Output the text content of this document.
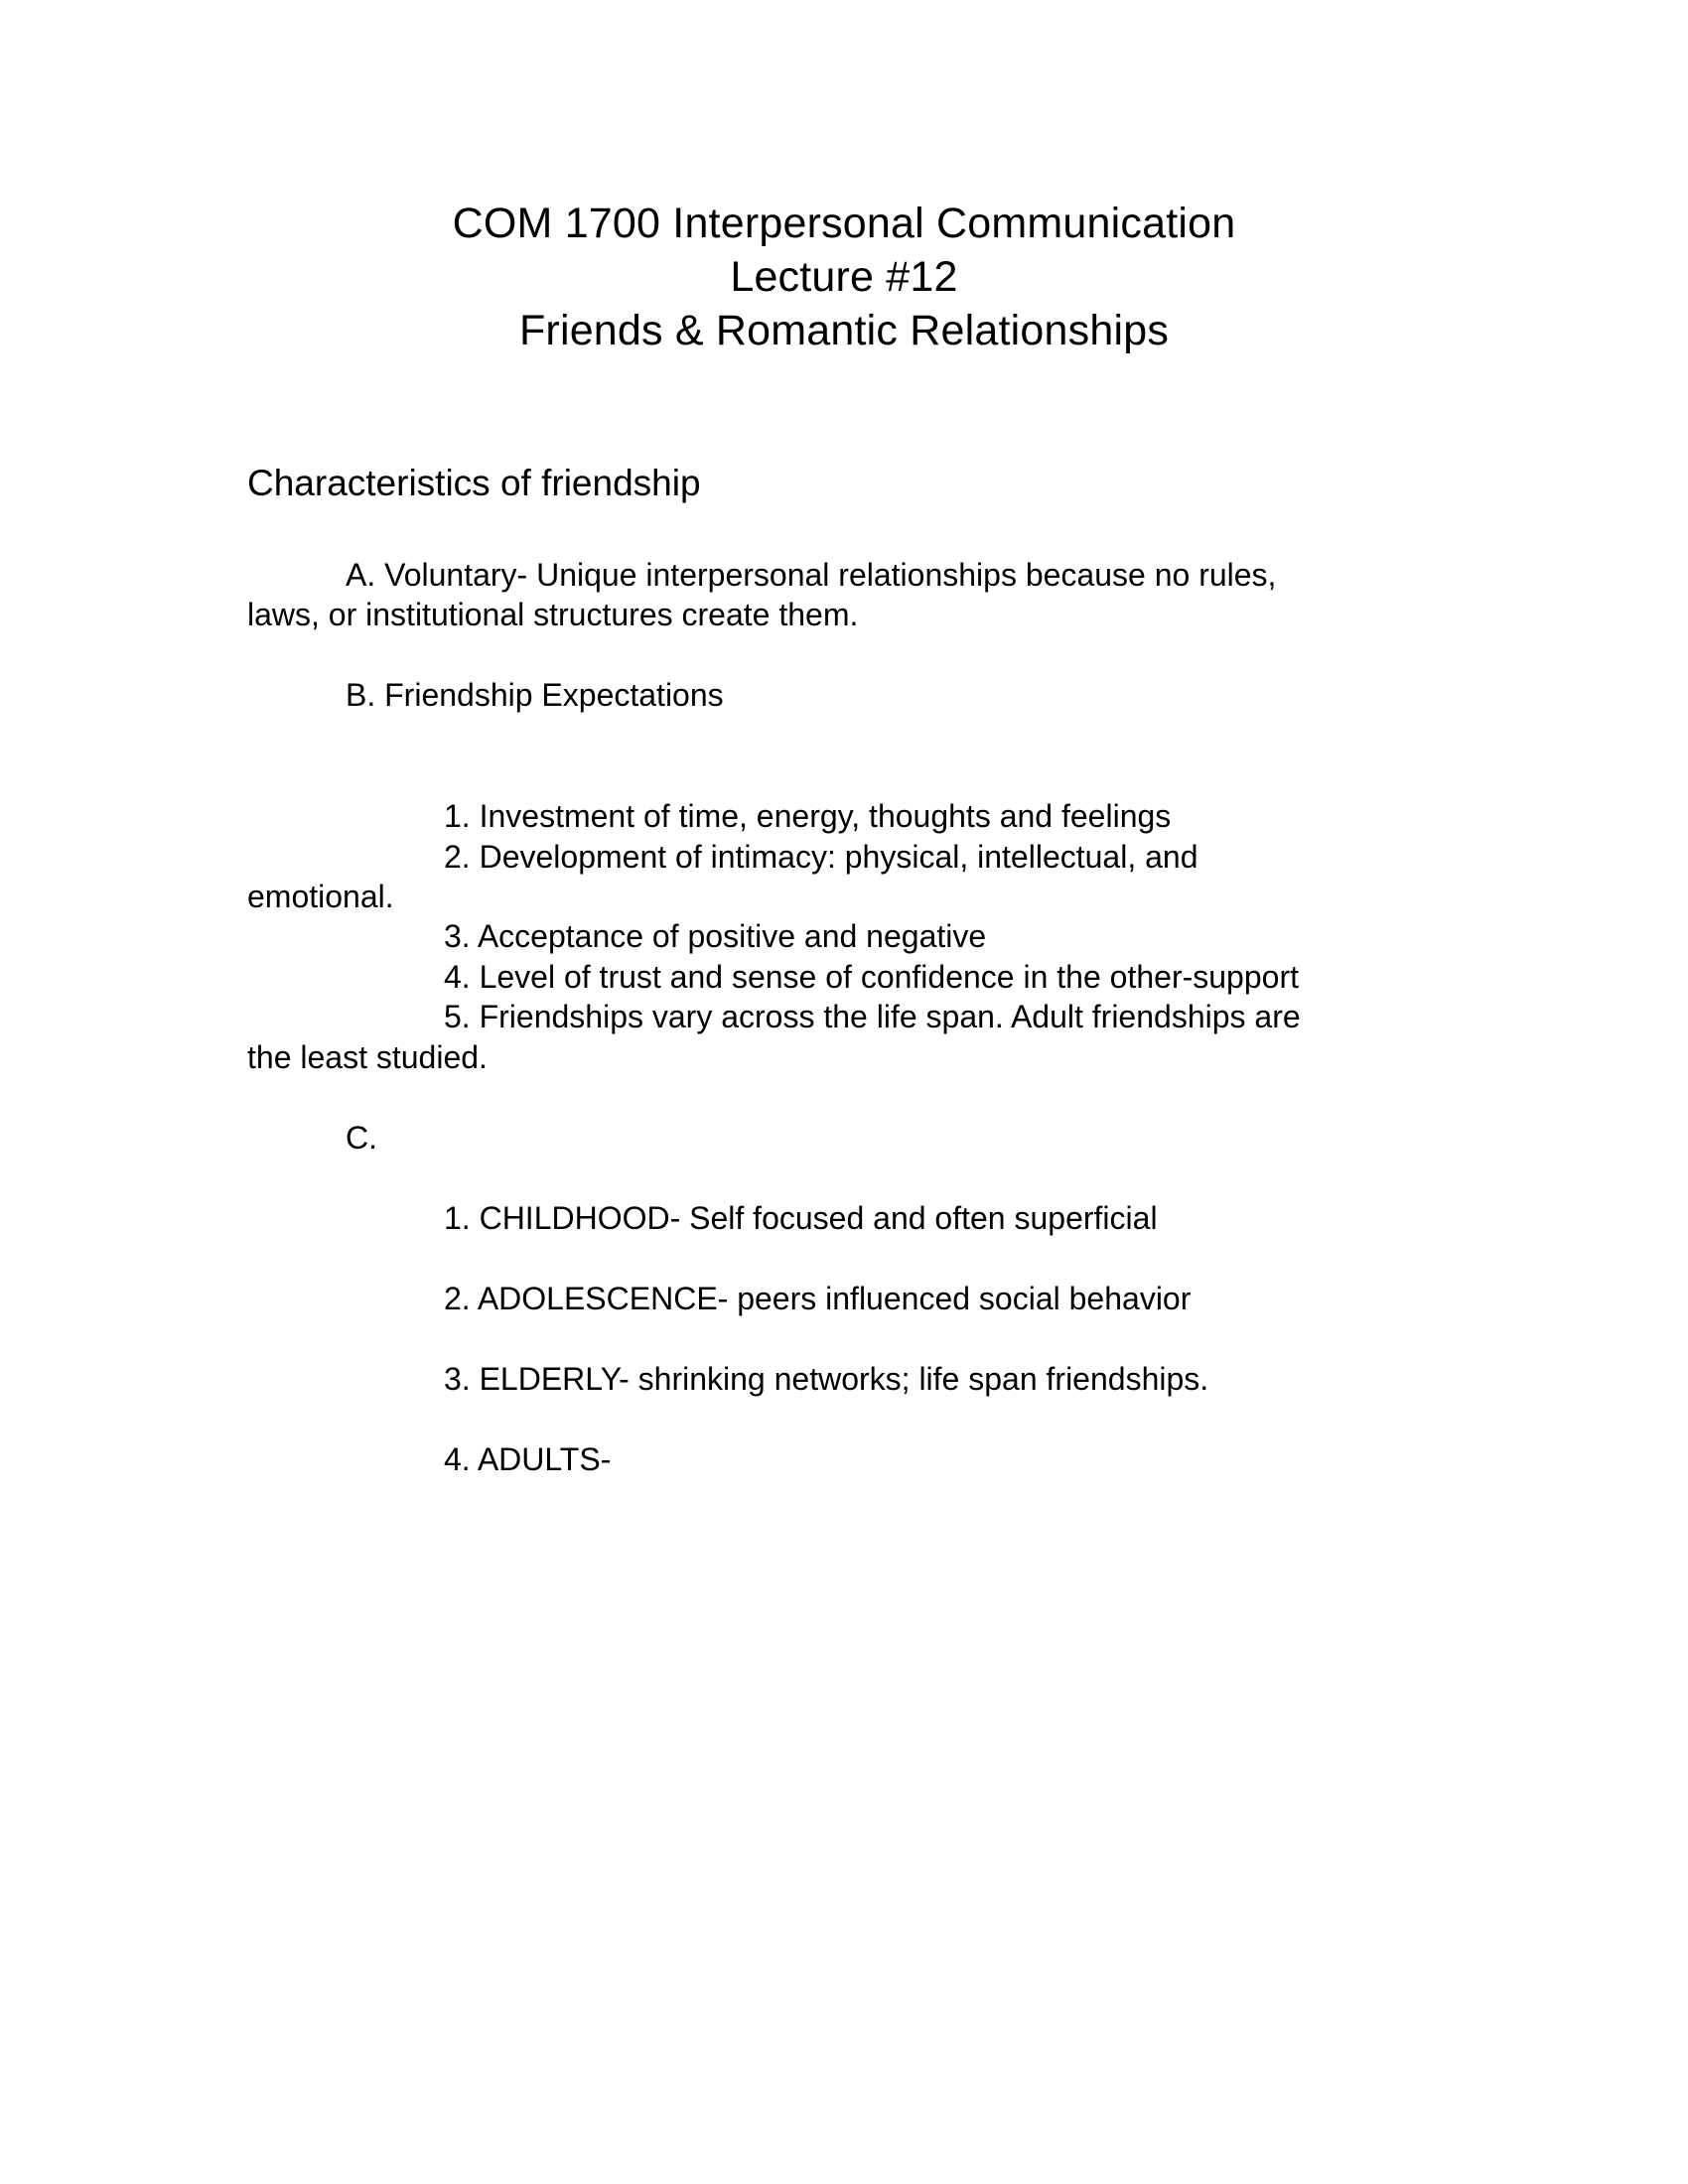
COM 1700 Interpersonal Communication
Lecture #12
Friends & Romantic Relationships
Characteristics of friendship
A. Voluntary- Unique interpersonal relationships because no rules,
laws, or institutional structures create them.
B. Friendship Expectations
1. Investment of time, energy, thoughts and feelings
2. Development of intimacy: physical, intellectual, and
emotional.
3. Acceptance of positive and negative
4. Level of trust and sense of confidence in the other-support
5. Friendships vary across the life span. Adult friendships are
the least studied.
C.
1. CHILDHOOD- Self focused and often superficial
2. ADOLESCENCE- peers influenced social behavior
3. ELDERLY- shrinking networks; life span friendships.
4. ADULTS-
